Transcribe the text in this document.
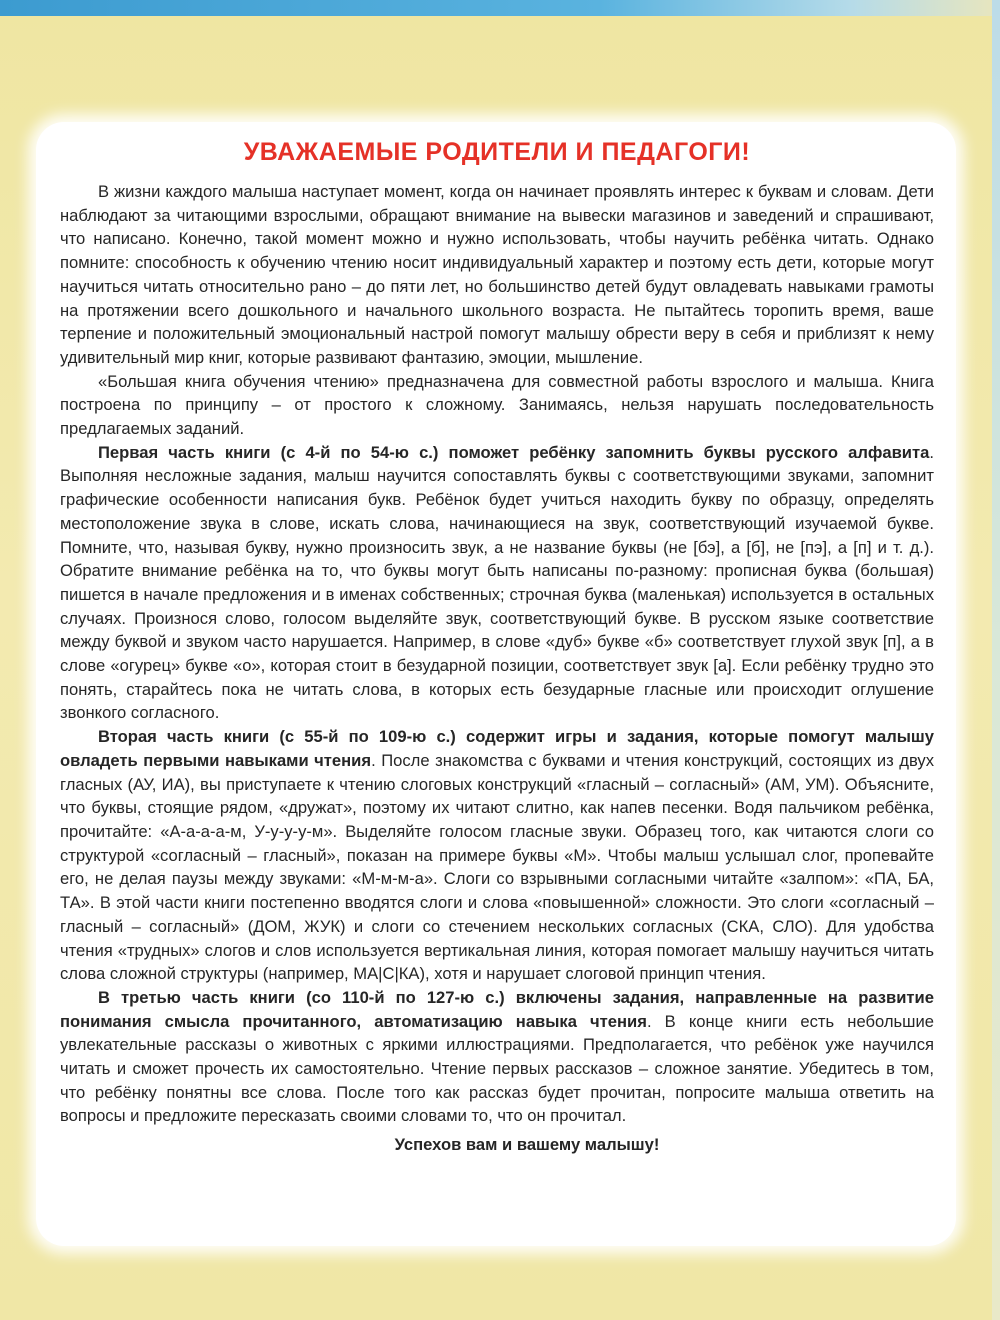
УВАЖАЕМЫЕ РОДИТЕЛИ И ПЕДАГОГИ!

В жизни каждого малыша наступает момент, когда он начинает проявлять интерес к буквам и словам. Дети наблюдают за читающими взрослыми, обращают внимание на вывески магазинов и заведений и спрашивают, что написано. Конечно, такой момент можно и нужно использовать, чтобы научить ребёнка читать. Однако помните: способность к обучению чтению носит индивидуальный характер и поэтому есть дети, которые могут научиться читать относительно рано – до пяти лет, но большинство детей будут овладевать навыками грамоты на протяжении всего дошкольного и начального школьного возраста. Не пытайтесь торопить время, ваше терпение и положительный эмоциональный настрой помогут малышу обрести веру в себя и приблизят к нему удивительный мир книг, которые развивают фантазию, эмоции, мышление.

«Большая книга обучения чтению» предназначена для совместной работы взрослого и малыша. Книга построена по принципу – от простого к сложному. Занимаясь, нельзя нарушать последовательность предлагаемых заданий.

Первая часть книги (с 4-й по 54-ю с.) поможет ребёнку запомнить буквы русского алфавита. Выполняя несложные задания, малыш научится сопоставлять буквы с соответствующими звуками, запомнит графические особенности написания букв. Ребёнок будет учиться находить букву по образцу, определять местоположение звука в слове, искать слова, начинающиеся на звук, соответствующий изучаемой букве. Помните, что, называя букву, нужно произносить звук, а не название буквы (не [бэ], а [б], не [пэ], а [п] и т. д.). Обратите внимание ребёнка на то, что буквы могут быть написаны по-разному: прописная буква (большая) пишется в начале предложения и в именах собственных; строчная буква (маленькая) используется в остальных случаях. Произнося слово, голосом выделяйте звук, соответствующий букве. В русском языке соответствие между буквой и звуком часто нарушается. Например, в слове «дуб» букве «б» соответствует глухой звук [п], а в слове «огурец» букве «о», которая стоит в безударной позиции, соответствует звук [а]. Если ребёнку трудно это понять, старайтесь пока не читать слова, в которых есть безударные гласные или происходит оглушение звонкого согласного.

Вторая часть книги (с 55-й по 109-ю с.) содержит игры и задания, которые помогут малышу овладеть первыми навыками чтения. После знакомства с буквами и чтения конструкций, состоящих из двух гласных (АУ, ИА), вы приступаете к чтению слоговых конструкций «гласный – согласный» (АМ, УМ). Объясните, что буквы, стоящие рядом, «дружат», поэтому их читают слитно, как напев песенки. Водя пальчиком ребёнка, прочитайте: «А-а-а-а-м, У-у-у-у-м». Выделяйте голосом гласные звуки. Образец того, как читаются слоги со структурой «согласный – гласный», показан на примере буквы «М». Чтобы малыш услышал слог, пропевайте его, не делая паузы между звуками: «М-м-м-а». Слоги со взрывными согласными читайте «залпом»: «ПА, БА, ТА». В этой части книги постепенно вводятся слоги и слова «повышенной» сложности. Это слоги «согласный – гласный – согласный» (ДОМ, ЖУК) и слоги со стечением нескольких согласных (СКА, СЛО). Для удобства чтения «трудных» слогов и слов используется вертикальная линия, которая помогает малышу научиться читать слова сложной структуры (например, МА|С|КА), хотя и нарушает слоговой принцип чтения.

В третью часть книги (со 110-й по 127-ю с.) включены задания, направленные на развитие понимания смысла прочитанного, автоматизацию навыка чтения. В конце книги есть небольшие увлекательные рассказы о животных с яркими иллюстрациями. Предполагается, что ребёнок уже научился читать и сможет прочесть их самостоятельно. Чтение первых рассказов – сложное занятие. Убедитесь в том, что ребёнку понятны все слова. После того как рассказ будет прочитан, попросите малыша ответить на вопросы и предложите пересказать своими словами то, что он прочитал.

Успехов вам и вашему малышу!
